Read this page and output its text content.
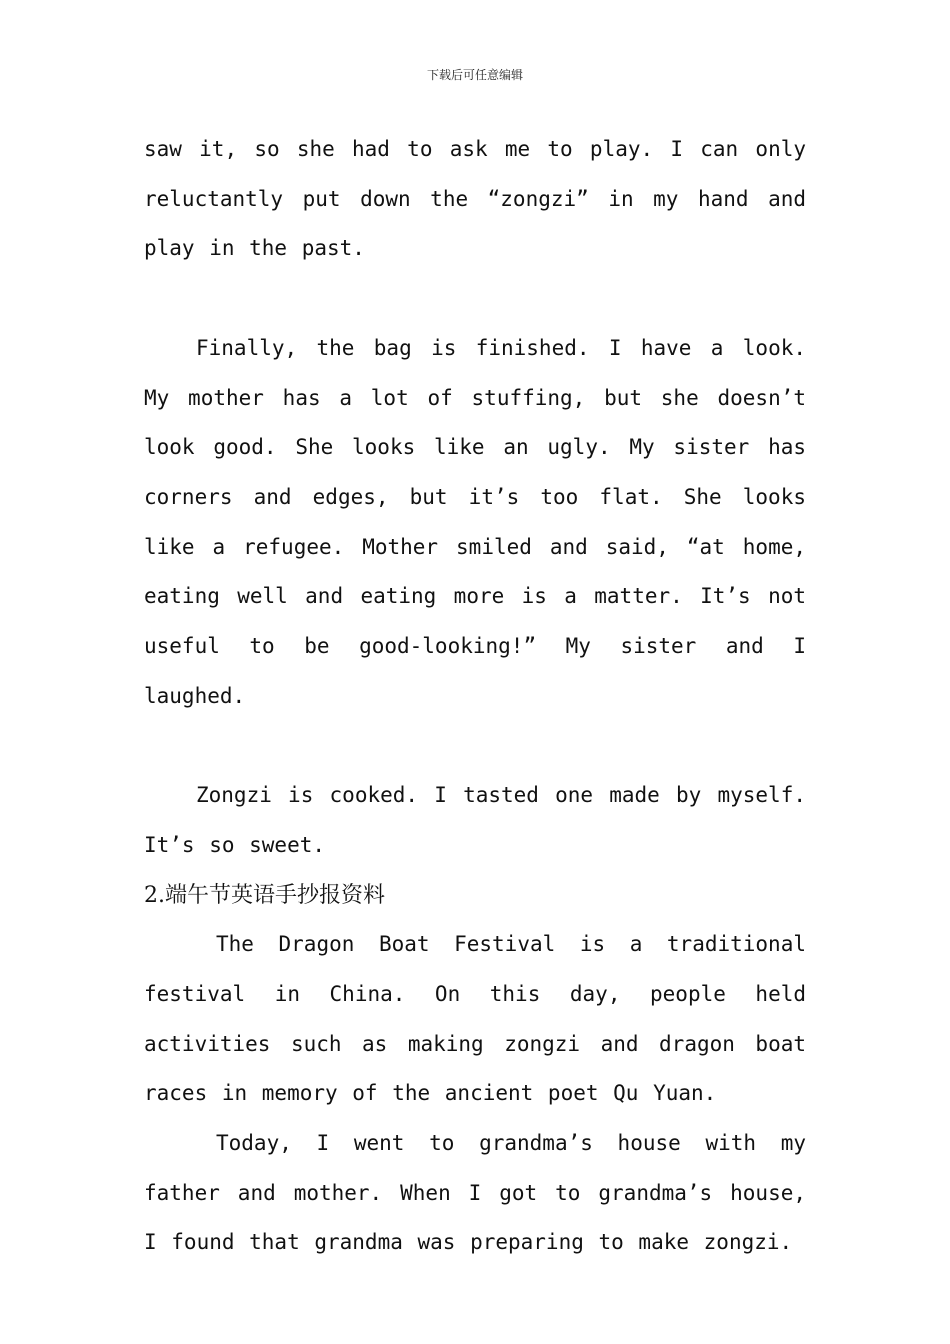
下载后可任意编辑

saw it, so she had to ask me to play. I can only reluctantly put down the “zongzi” in my hand and play in the past.

Finally, the bag is finished. I have a look. My mother has a lot of stuffing, but she doesn’t look good. She looks like an ugly. My sister has corners and edges, but it’s too flat. She looks like a refugee. Mother smiled and said, “at home, eating well and eating more is a matter. It’s not useful to be good-looking!” My sister and I laughed.

Zongzi is cooked. I tasted one made by myself. It’s so sweet.

2.端午节英语手抄报资料

The Dragon Boat Festival is a traditional festival in China. On this day, people held activities such as making zongzi and dragon boat races in memory of the ancient poet Qu Yuan.

Today, I went to grandma’s house with my father and mother. When I got to grandma’s house, I found that grandma was preparing to make zongzi.
